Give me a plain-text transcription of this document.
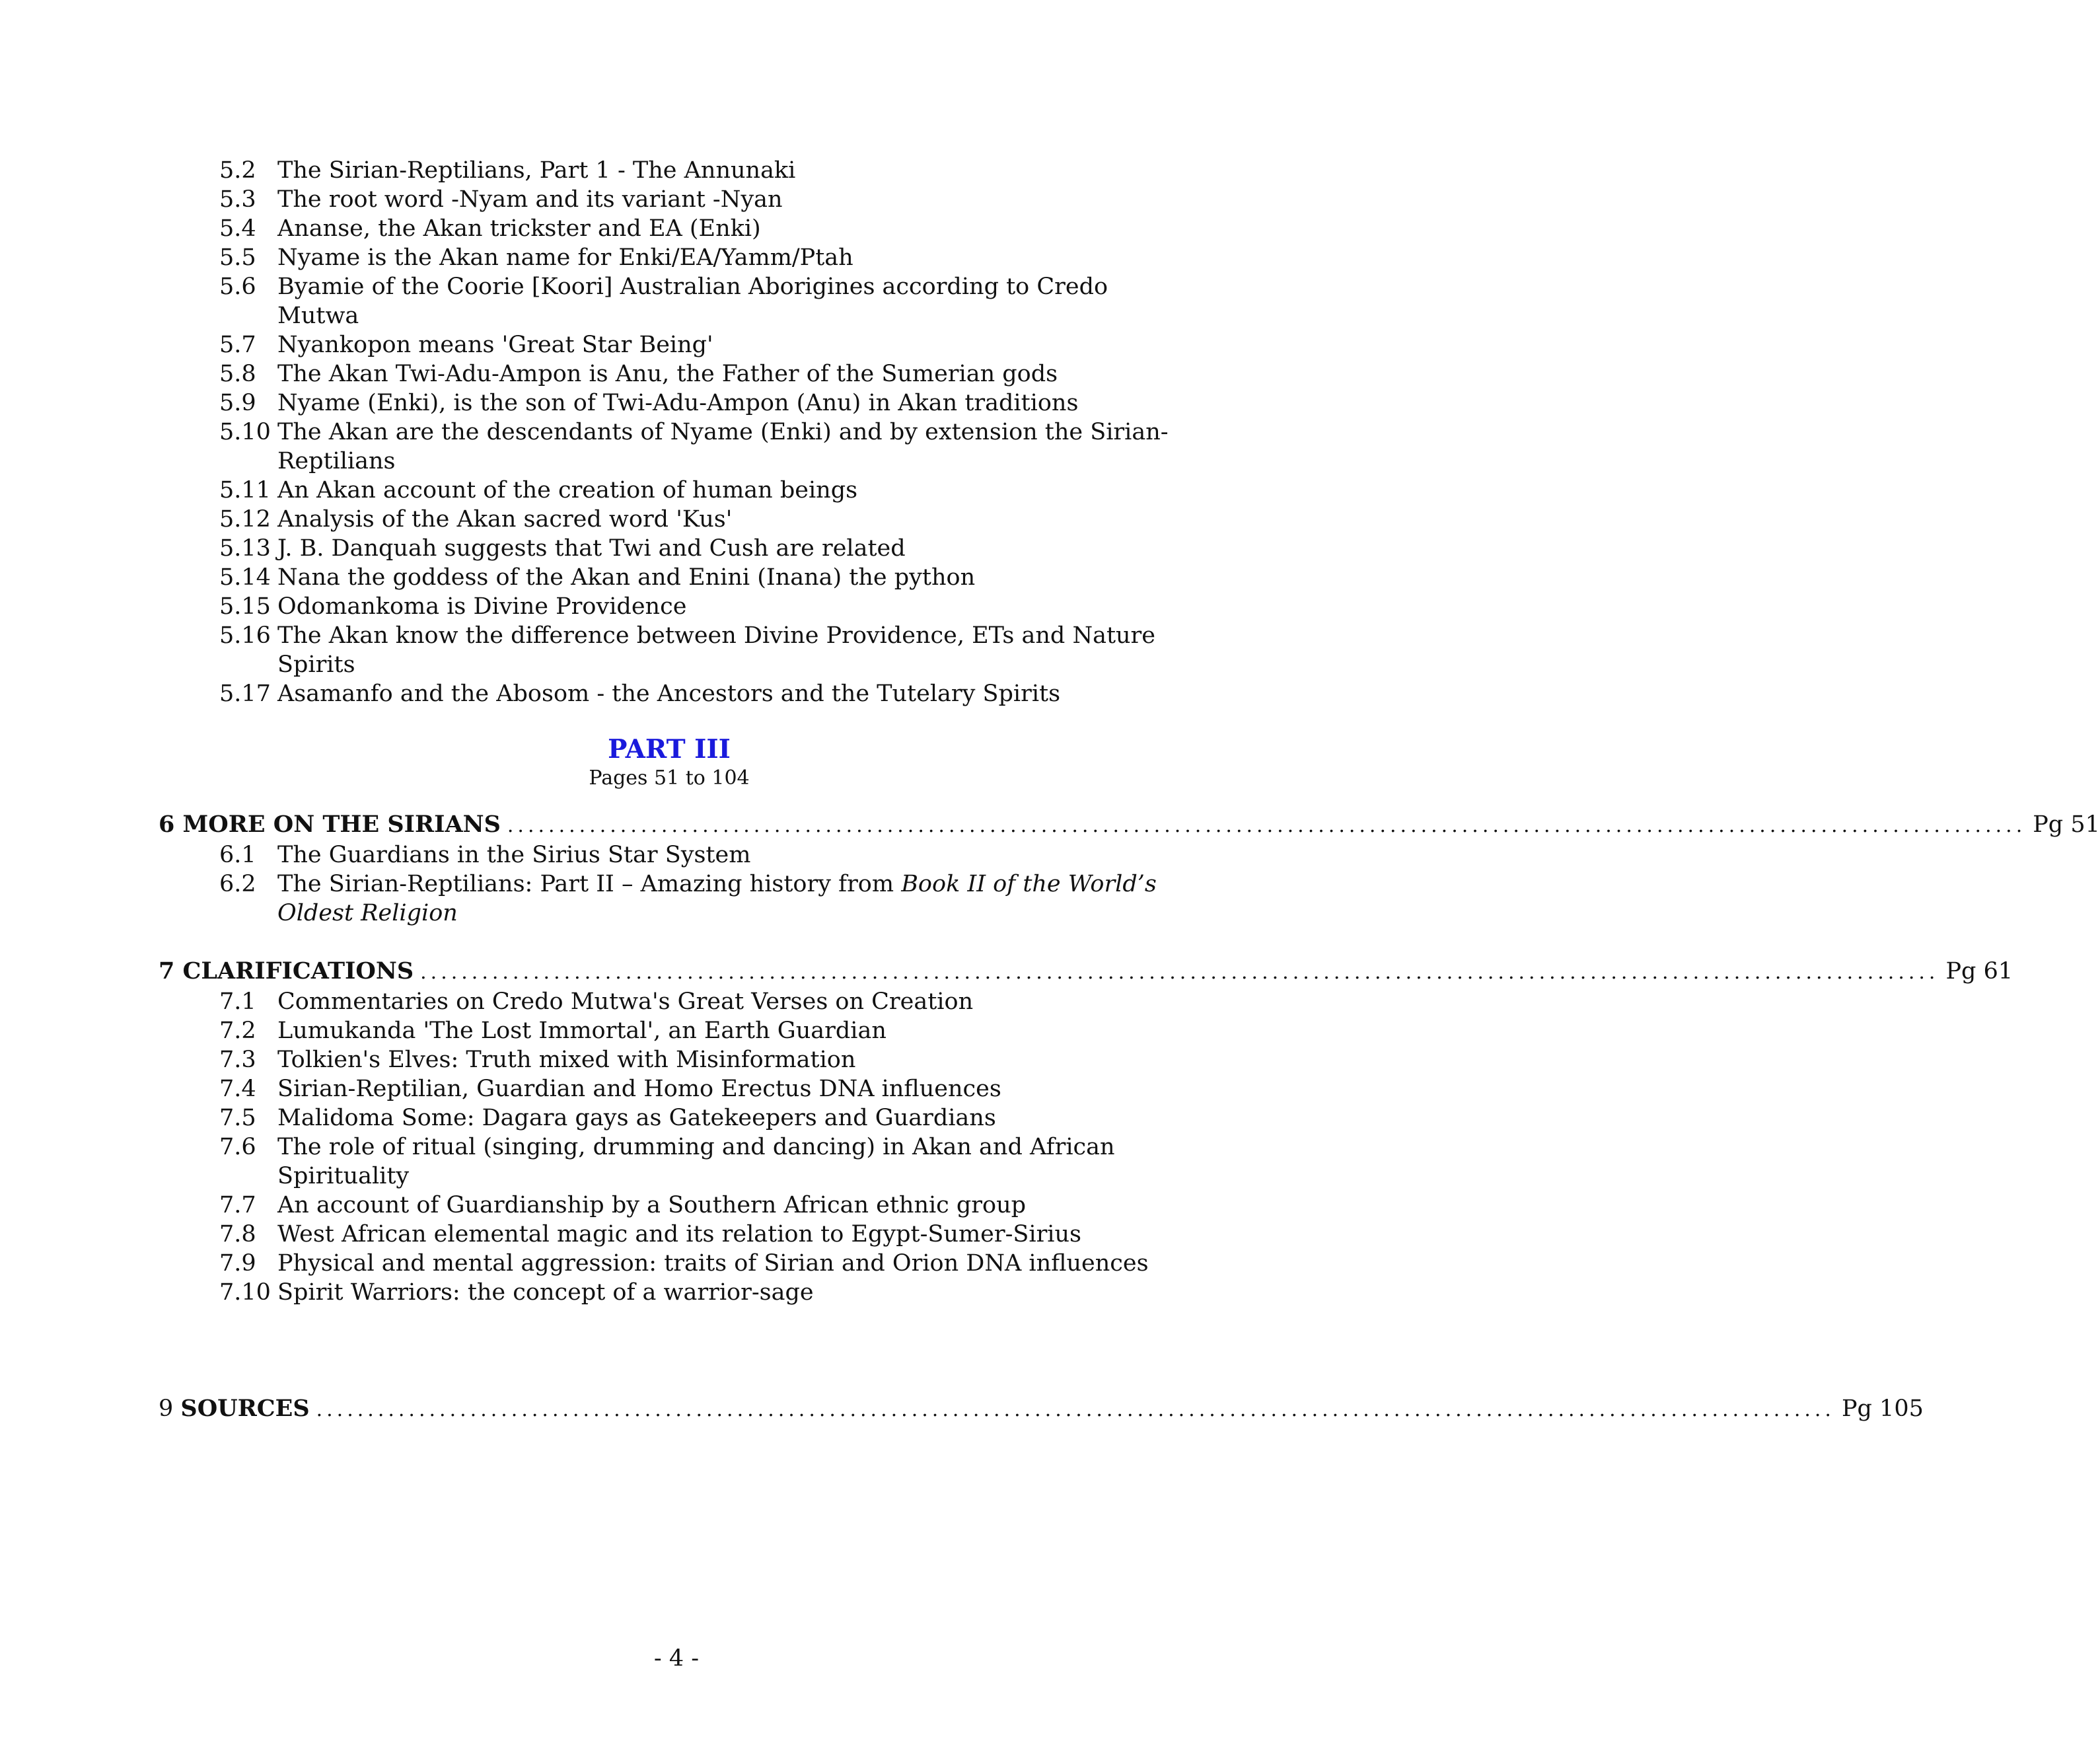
5.2 The Sirian-Reptilians, Part 1 - The Annunaki
5.3 The root word -Nyam and its variant -Nyan
5.4 Ananse, the Akan trickster and EA (Enki)
5.5 Nyame is the Akan name for Enki/EA/Yamm/Ptah
5.6 Byamie of the Coorie [Koori] Australian Aborigines according to Credo Mutwa
5.7 Nyankopon means 'Great Star Being'
5.8 The Akan Twi-Adu-Ampon is Anu, the Father of the Sumerian gods
5.9 Nyame (Enki), is the son of Twi-Adu-Ampon (Anu) in Akan traditions
5.10 The Akan are the descendants of Nyame (Enki) and by extension the Sirian-Reptilians
5.11 An Akan account of the creation of human beings
5.12 Analysis of the Akan sacred word 'Kus'
5.13 J. B. Danquah suggests that Twi and Cush are related
5.14 Nana the goddess of the Akan and Enini (Inana) the python
5.15 Odomankoma is Divine Providence
5.16 The Akan know the difference between Divine Providence, ETs and Nature Spirits
5.17 Asamanfo and the Abosom - the Ancestors and the Tutelary Spirits
PART III
Pages 51 to 104
6 MORE ON THE SIRIANS .................................................................................................................................................... Pg 51
6.1 The Guardians in the Sirius Star System
6.2 The Sirian-Reptilians: Part II – Amazing history from Book II of the World’s Oldest Religion
7 CLARIFICATIONS .................................................................................................................................................... Pg 61
7.1 Commentaries on Credo Mutwa's Great Verses on Creation
7.2 Lumukanda 'The Lost Immortal', an Earth Guardian
7.3 Tolkien's Elves: Truth mixed with Misinformation
7.4 Sirian-Reptilian, Guardian and Homo Erectus DNA influences
7.5 Malidoma Some: Dagara gays as Gatekeepers and Guardians
7.6 The role of ritual (singing, drumming and dancing) in Akan and African Spirituality
7.7 An account of Guardianship by a Southern African ethnic group
7.8 West African elemental magic and its relation to Egypt-Sumer-Sirius
7.9 Physical and mental aggression: traits of Sirian and Orion DNA influences
7.10 Spirit Warriors: the concept of a warrior-sage
9 SOURCES .................................................................................................................................................... Pg 105
- 4 -
